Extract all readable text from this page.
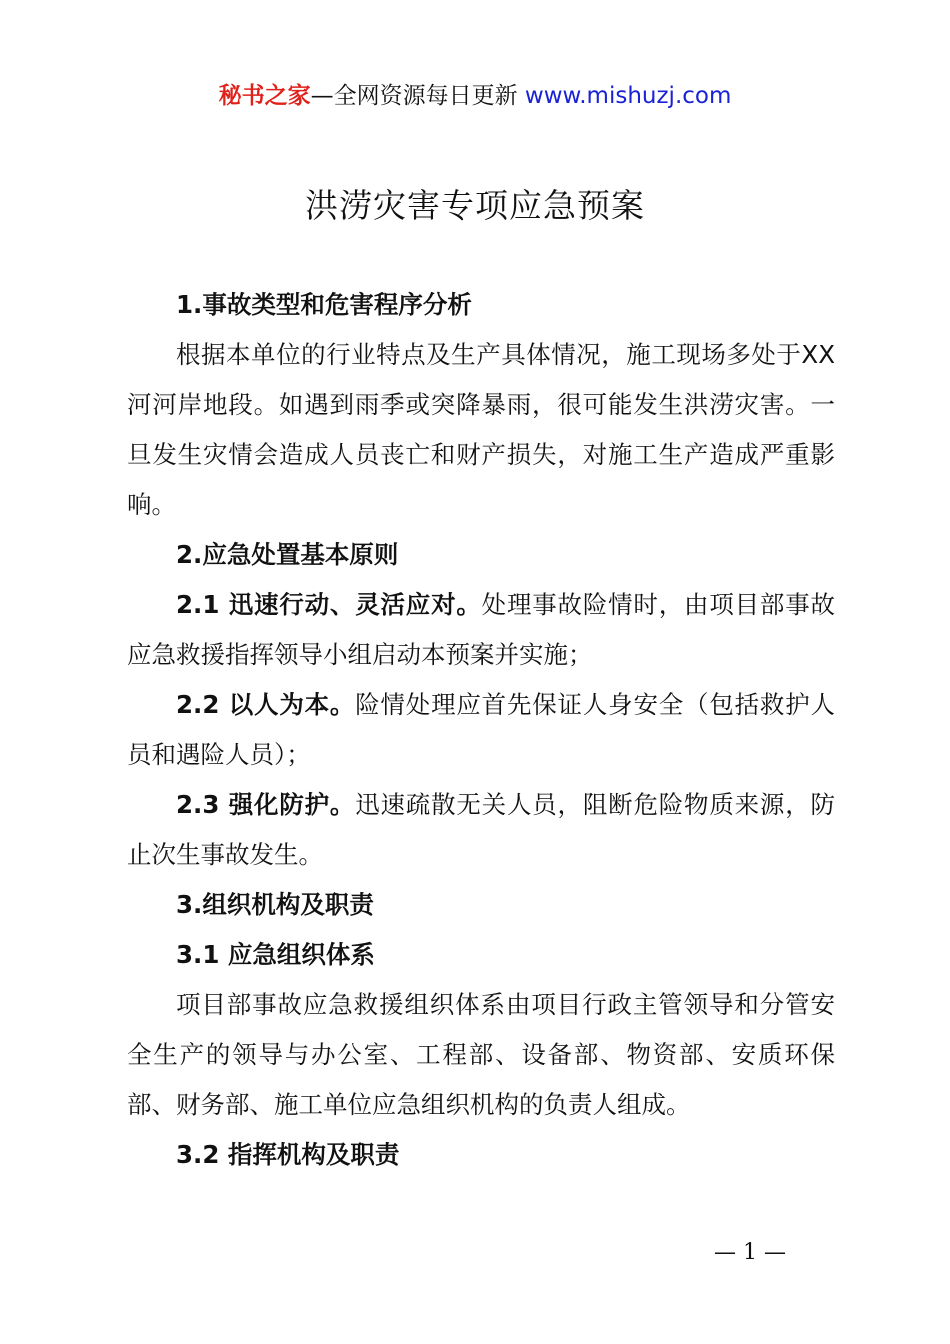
秘书之家—全网资源每日更新 www.mishuzj.com
洪涝灾害专项应急预案

1.事故类型和危害程序分析

根据本单位的行业特点及生产具体情况，施工现场多处于XX 河河岸地段。如遇到雨季或突降暴雨，很可能发生洪涝灾害。一旦发生灾情会造成人员丧亡和财产损失，对施工生产造成严重影响。

2.应急处置基本原则

2.1 迅速行动、灵活应对。处理事故险情时，由项目部事故应急救援指挥领导小组启动本预案并实施；

2.2 以人为本。险情处理应首先保证人身安全（包括救护人员和遇险人员）；

2.3 强化防护。迅速疏散无关人员，阻断危险物质来源，防止次生事故发生。

3.组织机构及职责

3.1 应急组织体系

项目部事故应急救援组织体系由项目行政主管领导和分管安全生产的领导与办公室、工程部、设备部、物资部、安质环保部、财务部、施工单位应急组织机构的负责人组成。

3.2 指挥机构及职责

— 1 —
